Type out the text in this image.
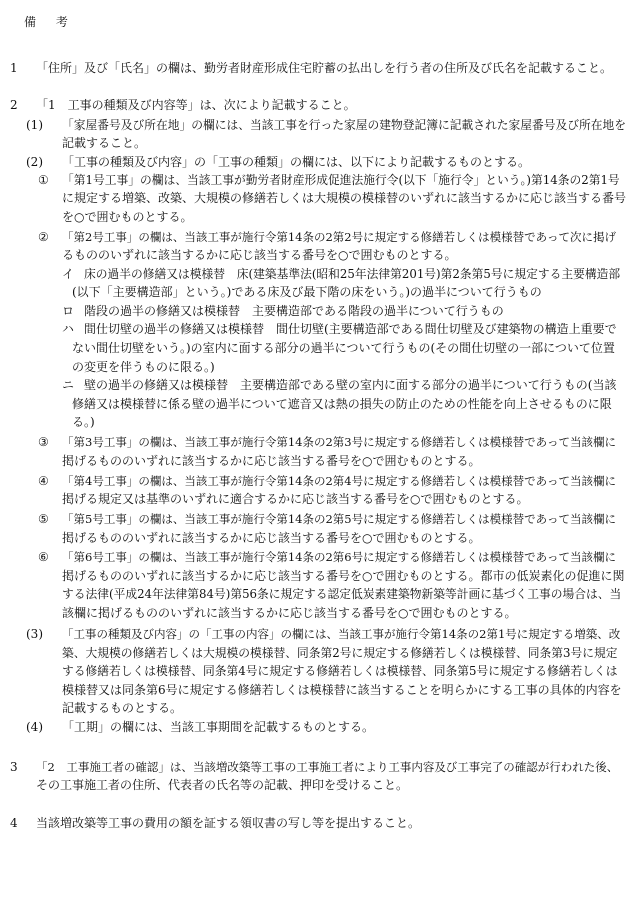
備 考
1 「住所」及び「氏名」の欄は、勤労者財産形成住宅貯蓄の払出しを行う者の住所及び氏名を記載すること。
2 「1　工事の種類及び内容等」は、次により記載すること。
(1) 「家屋番号及び所在地」の欄には、当該工事を行った家屋の建物登記簿に記載された家屋番号及び所在地を
記載すること。
(2) 「工事の種類及び内容」の「工事の種類」の欄には、以下により記載するものとする。
① 「第1号工事」の欄は、当該工事が勤労者財産形成促進法施行令(以下「施行令」という。)第14条の2第1号
に規定する増築、改築、大規模の修繕若しくは大規模の模様替のいずれに該当するかに応じ該当する番号
を○で囲むものとする。
② 「第2号工事」の欄は、当該工事が施行令第14条の2第2号に規定する修繕若しくは模様替であって次に掲げ
るもののいずれに該当するかに応じ該当する番号を○で囲むものとする。
イ 床の過半の修繕又は模様替　床(建築基準法(昭和25年法律第201号)第2条第5号に規定する主要構造部
(以下「主要構造部」という。)である床及び最下階の床をいう。)の過半について行うもの
ロ 階段の過半の修繕又は模様替　主要構造部である階段の過半について行うもの
ハ 間仕切壁の過半の修繕又は模様替　間仕切壁(主要構造部である間仕切壁及び建築物の構造上重要で
ない間仕切壁をいう。)の室内に面する部分の過半について行うもの(その間仕切壁の一部について位置
の変更を伴うものに限る。)
ニ 壁の過半の修繕又は模様替　主要構造部である壁の室内に面する部分の過半について行うもの(当該
修繕又は模様替に係る壁の過半について遮音又は熱の損失の防止のための性能を向上させるものに限
る。)
③ 「第3号工事」の欄は、当該工事が施行令第14条の2第3号に規定する修繕若しくは模様替であって当該欄に
掲げるもののいずれに該当するかに応じ該当する番号を○で囲むものとする。
④ 「第4号工事」の欄は、当該工事が施行令第14条の2第4号に規定する修繕若しくは模様替であって当該欄に
掲げる規定又は基準のいずれに適合するかに応じ該当する番号を○で囲むものとする。
⑤ 「第5号工事」の欄は、当該工事が施行令第14条の2第5号に規定する修繕若しくは模様替であって当該欄に
掲げるもののいずれに該当するかに応じ該当する番号を○で囲むものとする。
⑥ 「第6号工事」の欄は、当該工事が施行令第14条の2第6号に規定する修繕若しくは模様替であって当該欄に
掲げるもののいずれに該当するかに応じ該当する番号を○で囲むものとする。都市の低炭素化の促進に関
する法律(平成24年法律第84号)第56条に規定する認定低炭素建築物新築等計画に基づく工事の場合は、当
該欄に掲げるもののいずれに該当するかに応じ該当する番号を○で囲むものとする。
(3) 「工事の種類及び内容」の「工事の内容」の欄には、当該工事が施行令第14条の2第1号に規定する増築、改
築、大規模の修繕若しくは大規模の模様替、同条第2号に規定する修繕若しくは模様替、同条第3号に規定
する修繕若しくは模様替、同条第4号に規定する修繕若しくは模様替、同条第5号に規定する修繕若しくは
模様替又は同条第6号に規定する修繕若しくは模様替に該当することを明らかにする工事の具体的内容を
記載するものとする。
(4) 「工期」の欄には、当該工事期間を記載するものとする。
3 「2　工事施工者の確認」は、当該増改築等工事の工事施工者により工事内容及び工事完了の確認が行われた後、
その工事施工者の住所、代表者の氏名等の記載、押印を受けること。
4 当該増改築等工事の費用の額を証する領収書の写し等を提出すること。
